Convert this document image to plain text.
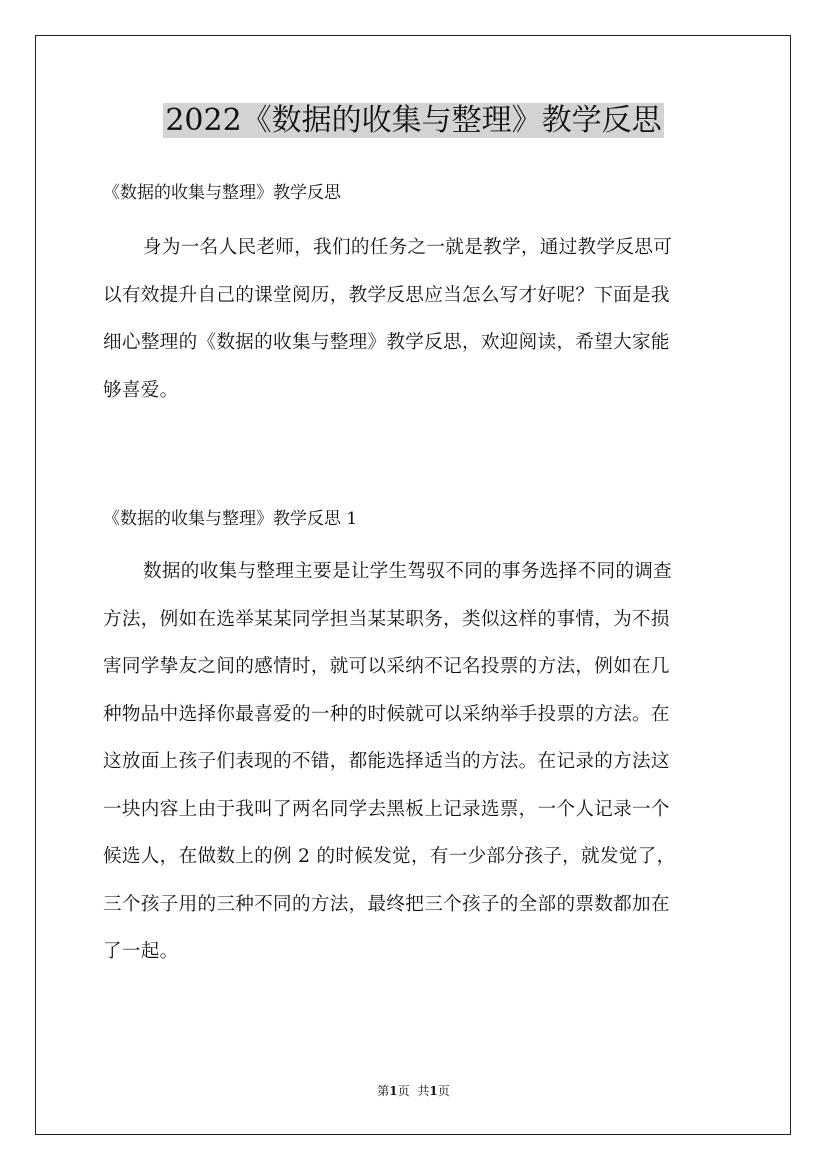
2022《数据的收集与整理》教学反思

《数据的收集与整理》教学反思

身为一名人民老师，我们的任务之一就是教学，通过教学反思可
以有效提升自己的课堂阅历，教学反思应当怎么写才好呢？下面是我
细心整理的《数据的收集与整理》教学反思，欢迎阅读，希望大家能
够喜爱。

《数据的收集与整理》教学反思 1

数据的收集与整理主要是让学生驾驭不同的事务选择不同的调查
方法，例如在选举某某同学担当某某职务，类似这样的事情，为不损
害同学挚友之间的感情时，就可以采纳不记名投票的方法，例如在几
种物品中选择你最喜爱的一种的时候就可以采纳举手投票的方法。在
这放面上孩子们表现的不错，都能选择适当的方法。在记录的方法这
一块内容上由于我叫了两名同学去黑板上记录选票，一个人记录一个
候选人，在做数上的例 2 的时候发觉，有一少部分孩子，就发觉了，
三个孩子用的三种不同的方法，最终把三个孩子的全部的票数都加在
了一起。

第1页 共1页
